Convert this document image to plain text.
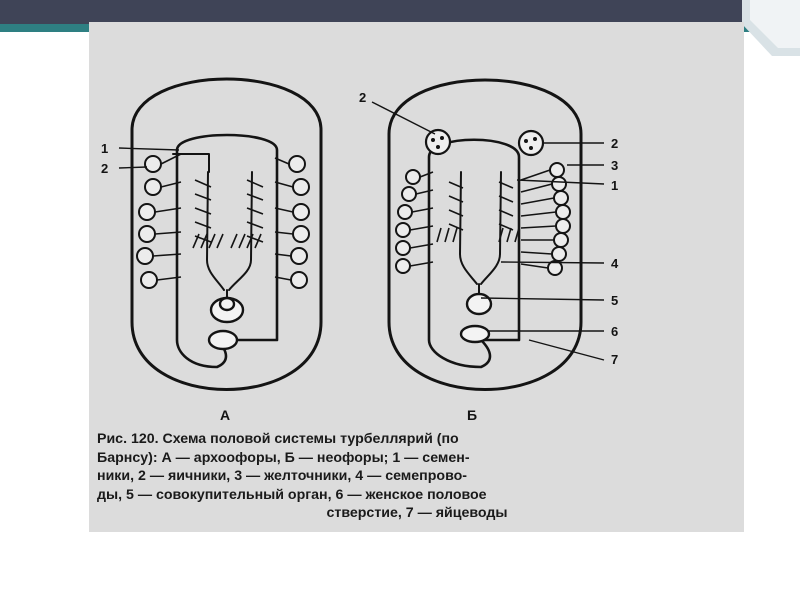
1
2
А
2
2
3
1
4
5
6
7
Б
Рис. 120. Схема половой системы турбеллярий (по
Барнсу): А — архоофоры, Б — неофоры; 1 — семен-
ники, 2 — яичники, 3 — желточники, 4 — семепрово-
ды, 5 — совокупительный орган, 6 — женское половое

стверстие, 7 — яйцеводы
